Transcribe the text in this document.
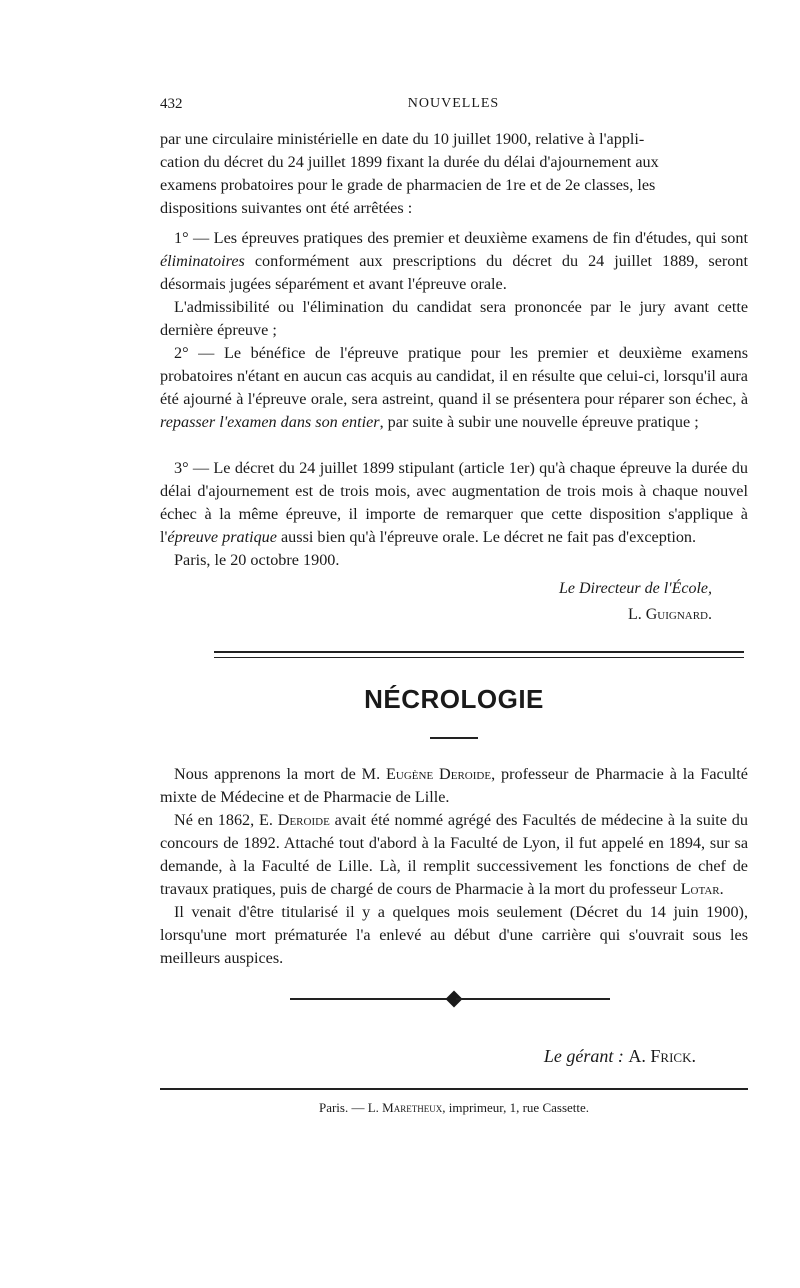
432	NOUVELLES

par une circulaire ministérielle en date du 10 juillet 1900, relative à l'appli-
cation du décret du 24 juillet 1899 fixant la durée du délai d'ajournement aux
examens probatoires pour le grade de pharmacien de 1re et de 2e classes, les
dispositions suivantes ont été arrêtées :

1° — Les épreuves pratiques des premier et deuxième examens de fin d'études, qui sont éliminatoires conformément aux prescriptions du décret du 24 juillet 1889, seront désormais jugées séparément et avant l'épreuve orale.

L'admissibilité ou l'élimination du candidat sera prononcée par le jury avant cette dernière épreuve ;

2° — Le bénéfice de l'épreuve pratique pour les premier et deuxième examens probatoires n'étant en aucun cas acquis au candidat, il en résulte que celui-ci, lorsqu'il aura été ajourné à l'épreuve orale, sera astreint, quand il se présentera pour réparer son échec, à repasser l'examen dans son entier, par suite à subir une nouvelle épreuve pratique ;

3° — Le décret du 24 juillet 1899 stipulant (article 1er) qu'à chaque épreuve la durée du délai d'ajournement est de trois mois, avec augmentation de trois mois à chaque nouvel échec à la même épreuve, il importe de remarquer que cette disposition s'applique à l'épreuve pratique aussi bien qu'à l'épreuve orale. Le décret ne fait pas d'exception.

Paris, le 20 octobre 1900.

Le Directeur de l'École,
L. Guignard.
NÉCROLOGIE

Nous apprenons la mort de M. Eugène Deroide, professeur de Pharmacie à la Faculté mixte de Médecine et de Pharmacie de Lille.

Né en 1862, E. Deroide avait été nommé agrégé des Facultés de médecine à la suite du concours de 1892. Attaché tout d'abord à la Faculté de Lyon, il fut appelé en 1894, sur sa demande, à la Faculté de Lille. Là, il remplit successivement les fonctions de chef de travaux pratiques, puis de chargé de cours de Pharmacie à la mort du professeur Lotar.

Il venait d'être titularisé il y a quelques mois seulement (Décret du 14 juin 1900), lorsqu'une mort prématurée l'a enlevé au début d'une carrière qui s'ouvrait sous les meilleurs auspices.

Le gérant : A. Frick.
Paris. — L. Maretheux, imprimeur, 1, rue Cassette.
